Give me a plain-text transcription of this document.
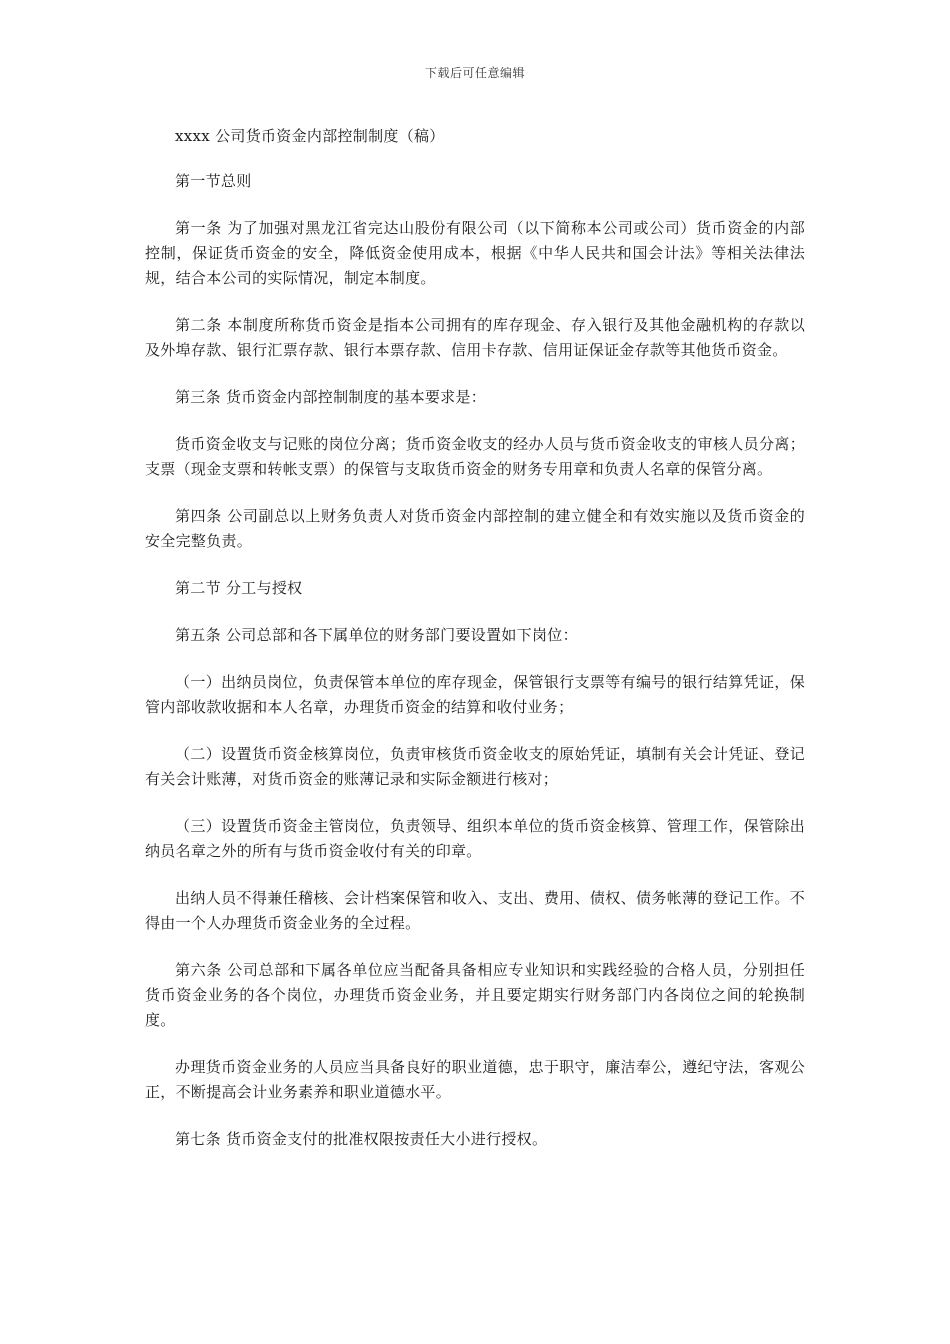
下载后可任意编辑

xxxx 公司货币资金内部控制制度（稿）

第一节总则

第一条 为了加强对黑龙江省完达山股份有限公司（以下简称本公司或公司）货币资金的内部控制，保证货币资金的安全，降低资金使用成本，根据《中华人民共和国会计法》等相关法律法规，结合本公司的实际情况，制定本制度。

第二条 本制度所称货币资金是指本公司拥有的库存现金、存入银行及其他金融机构的存款以及外埠存款、银行汇票存款、银行本票存款、信用卡存款、信用证保证金存款等其他货币资金。

第三条 货币资金内部控制制度的基本要求是：

货币资金收支与记账的岗位分离；货币资金收支的经办人员与货币资金收支的审核人员分离；支票（现金支票和转帐支票）的保管与支取货币资金的财务专用章和负责人名章的保管分离。

第四条 公司副总以上财务负责人对货币资金内部控制的建立健全和有效实施以及货币资金的安全完整负责。

第二节 分工与授权

第五条 公司总部和各下属单位的财务部门要设置如下岗位：

（一）出纳员岗位，负责保管本单位的库存现金，保管银行支票等有编号的银行结算凭证，保管内部收款收据和本人名章，办理货币资金的结算和收付业务；

（二）设置货币资金核算岗位，负责审核货币资金收支的原始凭证，填制有关会计凭证、登记有关会计账薄，对货币资金的账薄记录和实际金额进行核对；

（三）设置货币资金主管岗位，负责领导、组织本单位的货币资金核算、管理工作，保管除出纳员名章之外的所有与货币资金收付有关的印章。

出纳人员不得兼任稽核、会计档案保管和收入、支出、费用、债权、债务帐薄的登记工作。不得由一个人办理货币资金业务的全过程。

第六条 公司总部和下属各单位应当配备具备相应专业知识和实践经验的合格人员，分别担任货币资金业务的各个岗位，办理货币资金业务，并且要定期实行财务部门内各岗位之间的轮换制度。

办理货币资金业务的人员应当具备良好的职业道德，忠于职守，廉洁奉公，遵纪守法，客观公正，不断提高会计业务素养和职业道德水平。

第七条 货币资金支付的批准权限按责任大小进行授权。
